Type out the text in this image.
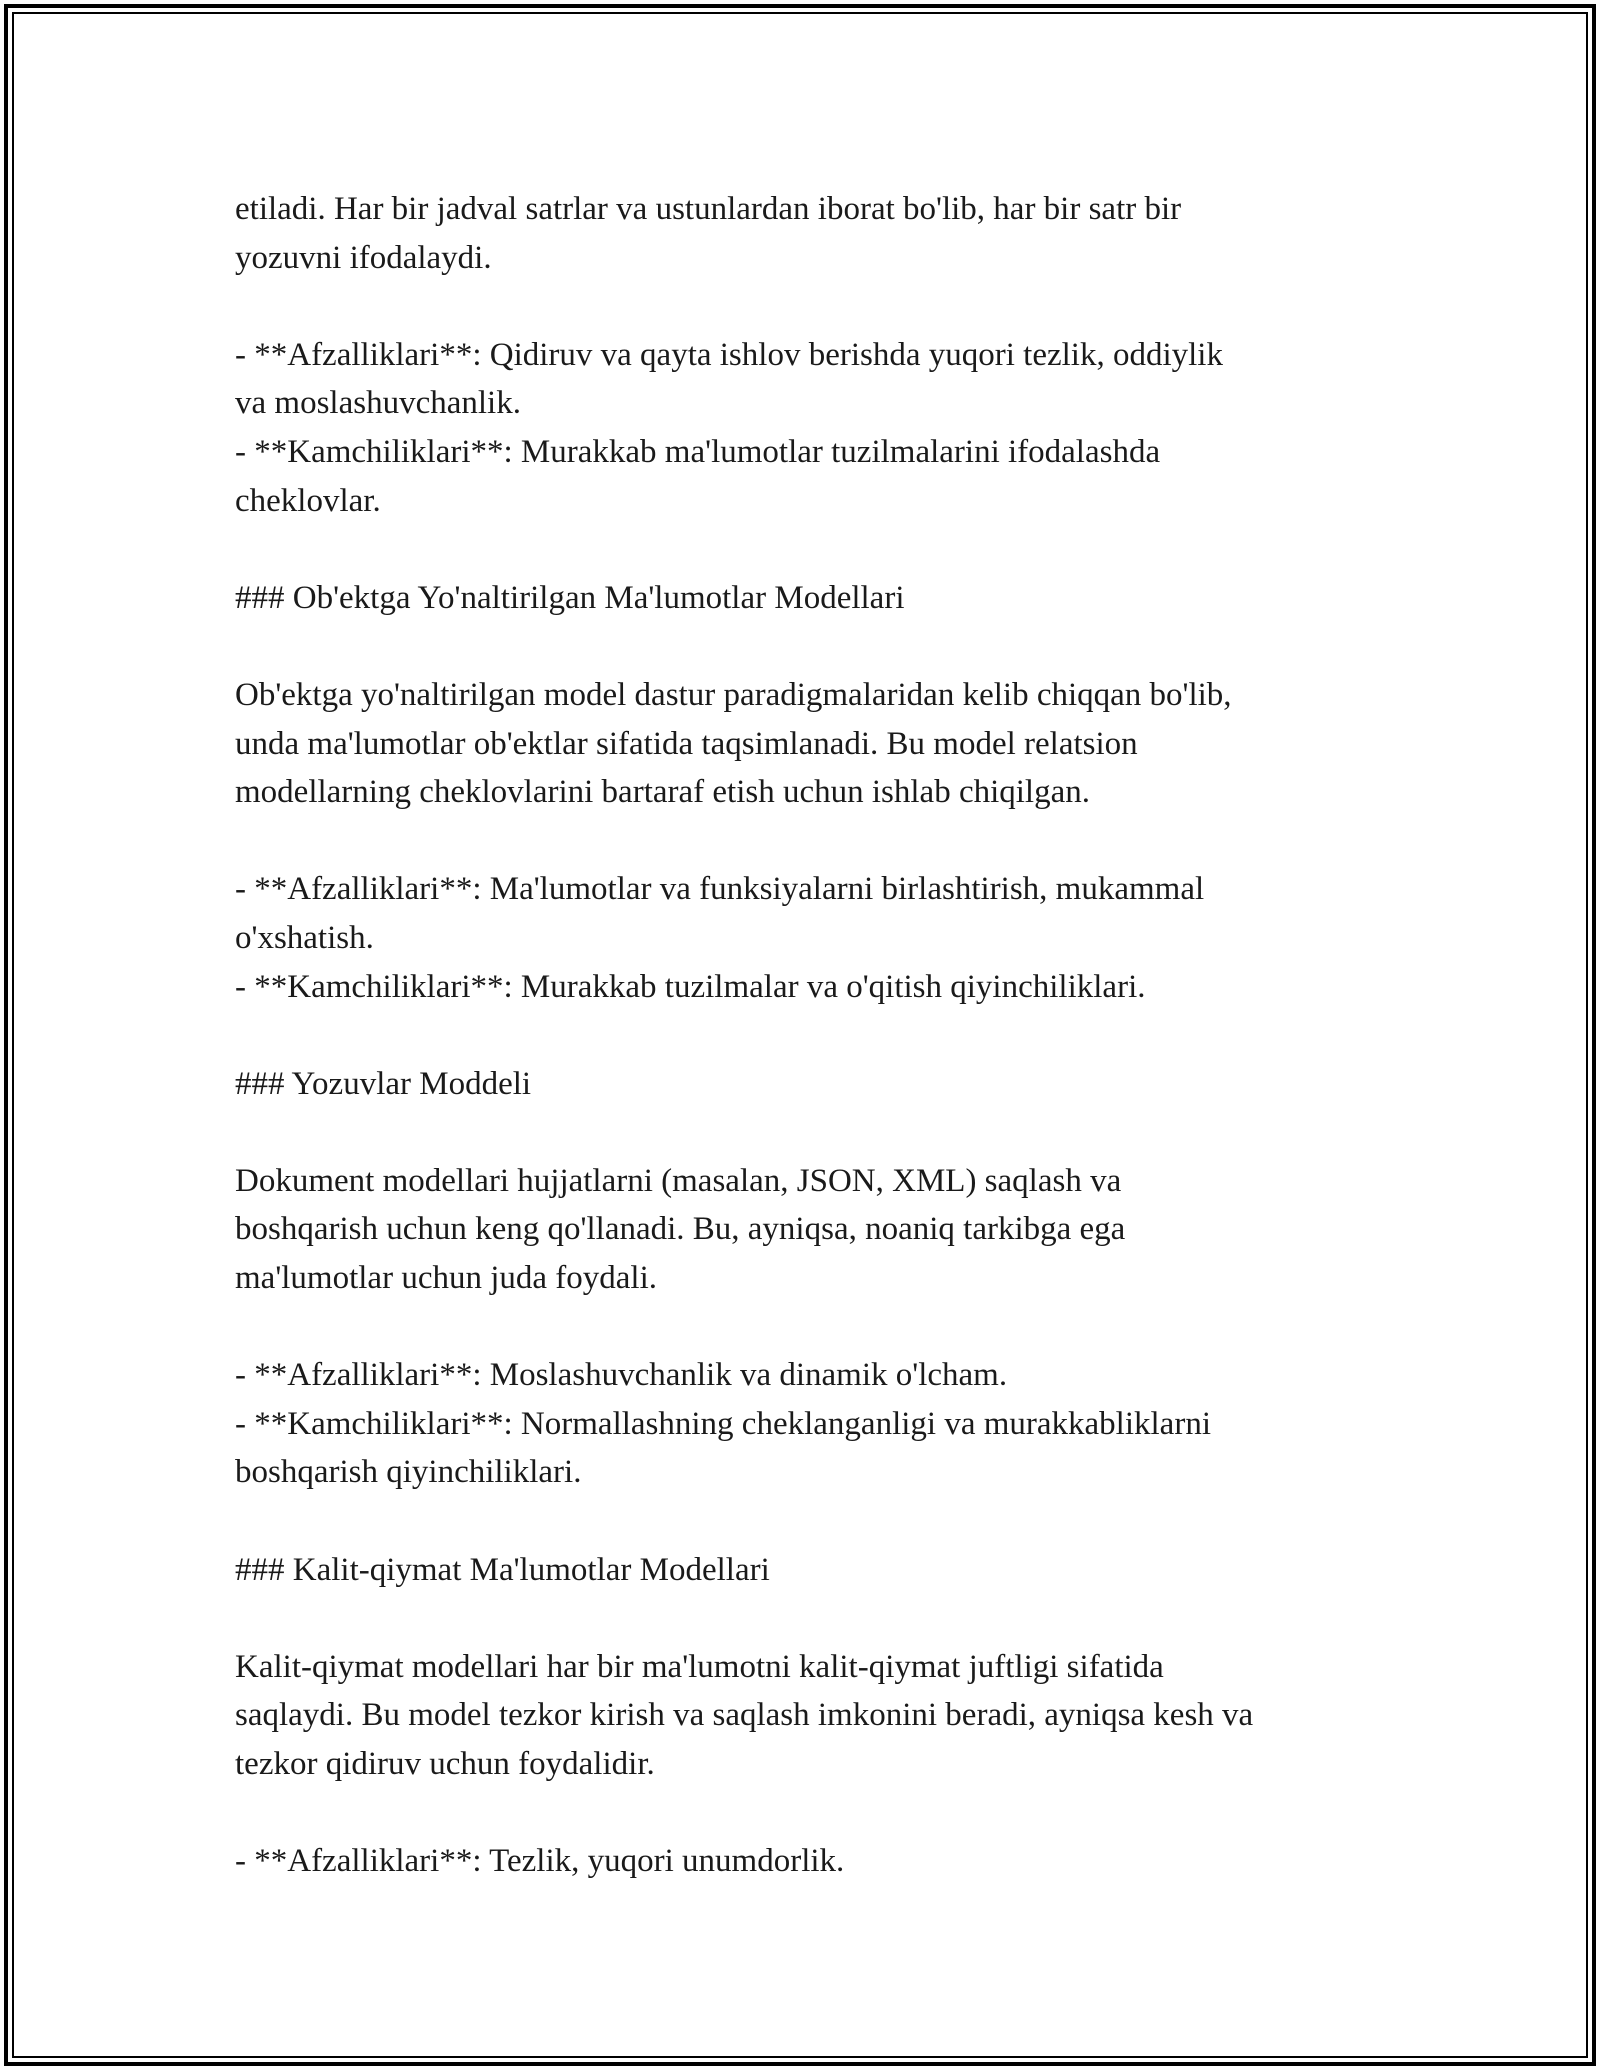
etiladi. Har bir jadval satrlar va ustunlardan iborat bo'lib, har bir satr bir
yozuvni ifodalaydi.
- **Afzalliklari**: Qidiruv va qayta ishlov berishda yuqori tezlik, oddiylik
va moslashuvchanlik.
- **Kamchiliklari**: Murakkab ma'lumotlar tuzilmalarini ifodalashda
cheklovlar.
### Ob'ektga Yo'naltirilgan Ma'lumotlar Modellari
Ob'ektga yo'naltirilgan model dastur paradigmalaridan kelib chiqqan bo'lib,
unda ma'lumotlar ob'ektlar sifatida taqsimlanadi. Bu model relatsion
modellarning cheklovlarini bartaraf etish uchun ishlab chiqilgan.
- **Afzalliklari**: Ma'lumotlar va funksiyalarni birlashtirish, mukammal
o'xshatish.
- **Kamchiliklari**: Murakkab tuzilmalar va o'qitish qiyinchiliklari.
### Yozuvlar Moddeli
Dokument modellari hujjatlarni (masalan, JSON, XML) saqlash va
boshqarish uchun keng qo'llanadi. Bu, ayniqsa, noaniq tarkibga ega
ma'lumotlar uchun juda foydali.
- **Afzalliklari**: Moslashuvchanlik va dinamik o'lcham.
- **Kamchiliklari**: Normallashning cheklanganligi va murakkabliklarni
boshqarish qiyinchiliklari.
### Kalit-qiymat Ma'lumotlar Modellari
Kalit-qiymat modellari har bir ma'lumotni kalit-qiymat juftligi sifatida
saqlaydi. Bu model tezkor kirish va saqlash imkonini beradi, ayniqsa kesh va
tezkor qidiruv uchun foydalidir.
- **Afzalliklari**: Tezlik, yuqori unumdorlik.
